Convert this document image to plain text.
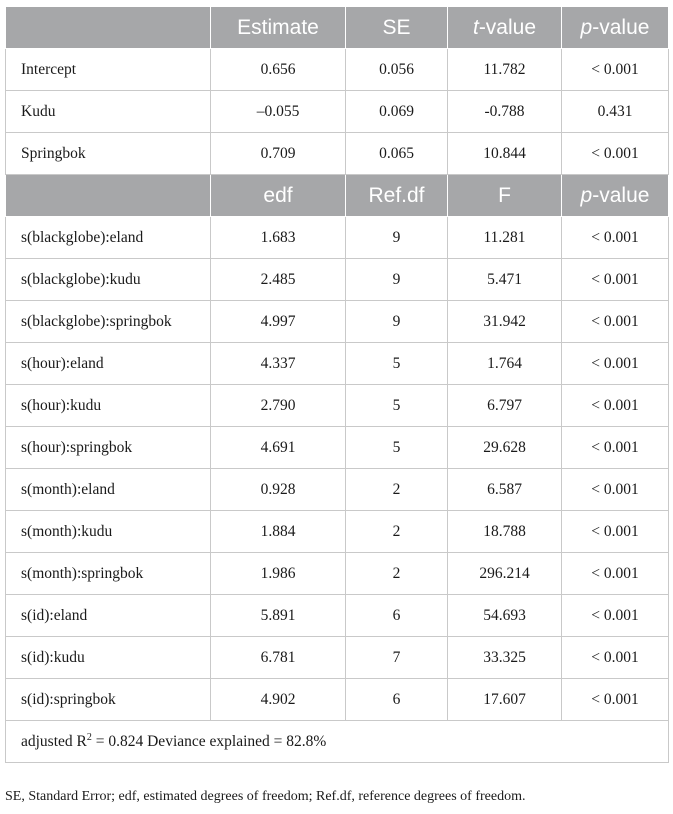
	Estimate	SE	t-value	p-value
Intercept	0.656	0.056	11.782	< 0.001
Kudu	–0.055	0.069	-0.788	0.431
Springbok	0.709	0.065	10.844	< 0.001
	edf	Ref.df	F	p-value
s(blackglobe):eland	1.683	9	11.281	< 0.001
s(blackglobe):kudu	2.485	9	5.471	< 0.001
s(blackglobe):springbok	4.997	9	31.942	< 0.001
s(hour):eland	4.337	5	1.764	< 0.001
s(hour):kudu	2.790	5	6.797	< 0.001
s(hour):springbok	4.691	5	29.628	< 0.001
s(month):eland	0.928	2	6.587	< 0.001
s(month):kudu	1.884	2	18.788	< 0.001
s(month):springbok	1.986	2	296.214	< 0.001
s(id):eland	5.891	6	54.693	< 0.001
s(id):kudu	6.781	7	33.325	< 0.001
s(id):springbok	4.902	6	17.607	< 0.001
adjusted $R^2 = 0.824$ Deviance explained = 82.8%				
SE, Standard Error; edf, estimated degrees of freedom; Ref.df, reference degrees of freedom.
